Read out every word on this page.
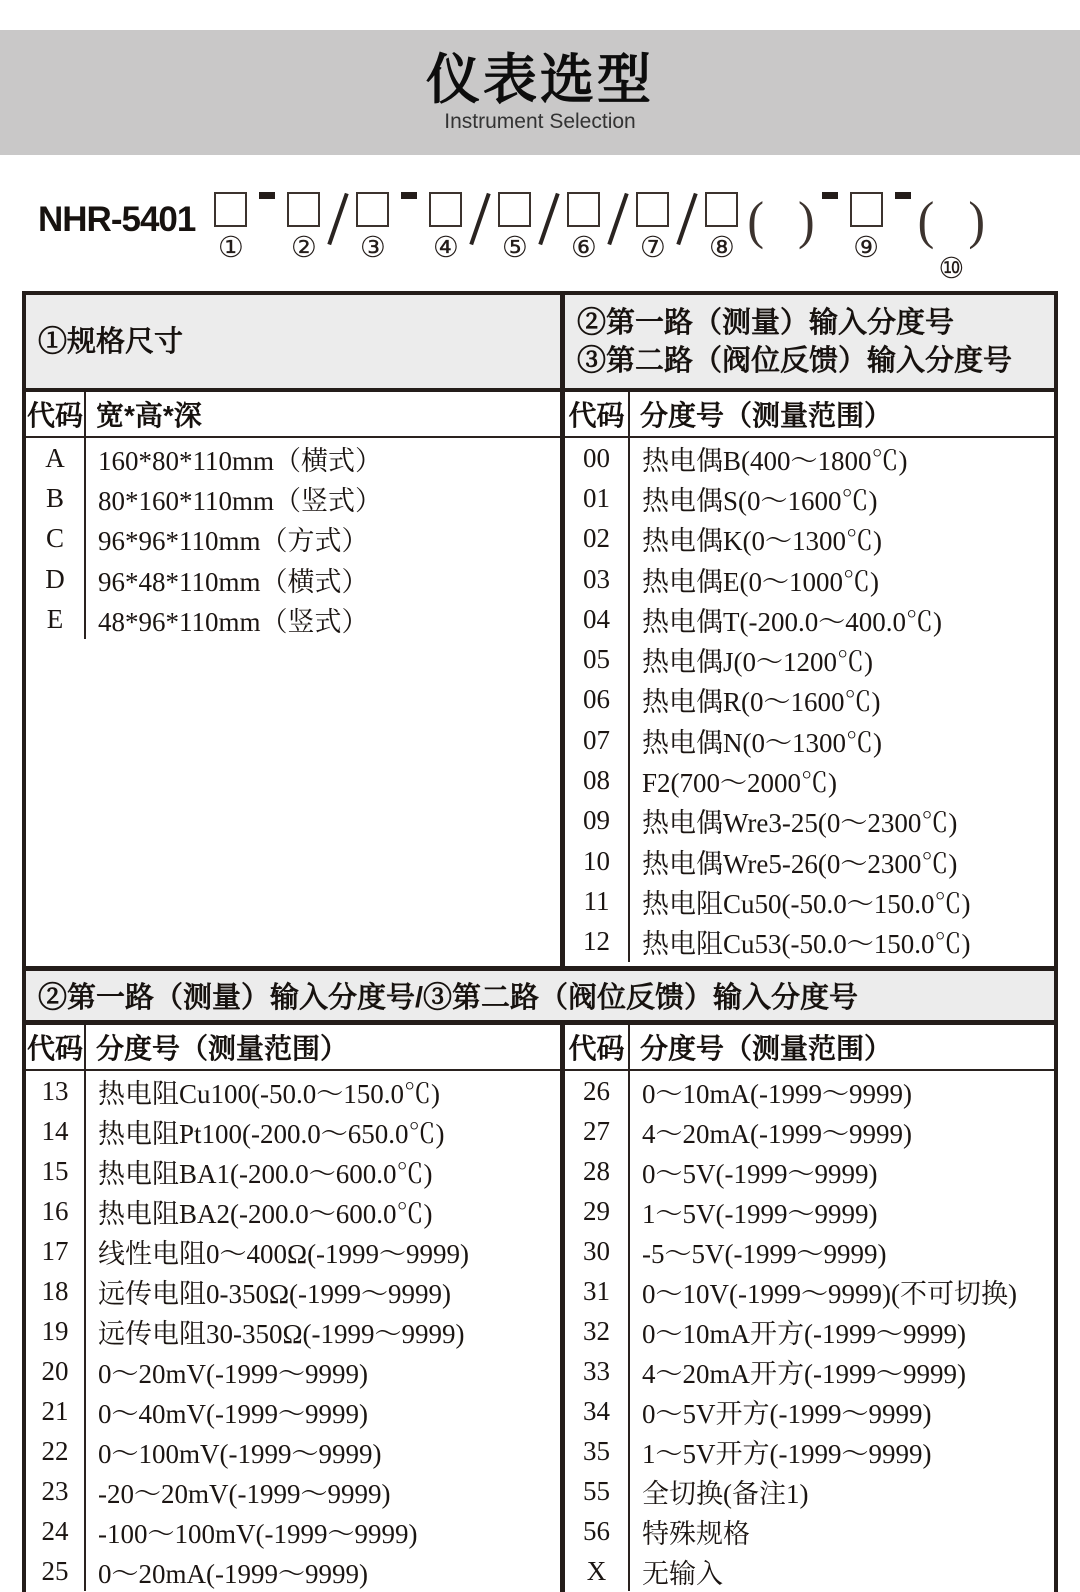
仪表选型
Instrument Selection
NHR-5401
① ② ③ ④ ⑤ ⑥ ⑦ ⑧ ( ) ⑨ ( )
⑩
①规格尺寸
代码 宽*高*深
A	160*80*110mm（横式）
B	80*160*110mm（竖式）
C	96*96*110mm（方式）
D	96*48*110mm（横式）
E	48*96*110mm（竖式）
②第一路（测量）输入分度号
③第二路（阀位反馈）输入分度号
代码 分度号（测量范围）
00	热电偶B(400～1800℃)
01	热电偶S(0～1600℃)
02	热电偶K(0～1300℃)
03	热电偶E(0～1000℃)
04	热电偶T(-200.0～400.0℃)
05	热电偶J(0～1200℃)
06	热电偶R(0～1600℃)
07	热电偶N(0～1300℃)
08	F2(700～2000℃)
09	热电偶Wre3-25(0～2300℃)
10	热电偶Wre5-26(0～2300℃)
11	热电阻Cu50(-50.0～150.0℃)
12	热电阻Cu53(-50.0～150.0℃)
②第一路（测量）输入分度号/③第二路（阀位反馈）输入分度号
代码 分度号（测量范围）
13	热电阻Cu100(-50.0～150.0℃)
14	热电阻Pt100(-200.0～650.0℃)
15	热电阻BA1(-200.0～600.0℃)
16	热电阻BA2(-200.0～600.0℃)
17	线性电阻0～400Ω(-1999～9999)
18	远传电阻0-350Ω(-1999～9999)
19	远传电阻30-350Ω(-1999～9999)
20	0～20mV(-1999～9999)
21	0～40mV(-1999～9999)
22	0～100mV(-1999～9999)
23	-20～20mV(-1999～9999)
24	-100～100mV(-1999～9999)
25	0～20mA(-1999～9999)
代码 分度号（测量范围）
26	0～10mA(-1999～9999)
27	4～20mA(-1999～9999)
28	0～5V(-1999～9999)
29	1～5V(-1999～9999)
30	-5～5V(-1999～9999)
31	0～10V(-1999～9999)(不可切换)
32	0～10mA开方(-1999～9999)
33	4～20mA开方(-1999～9999)
34	0～5V开方(-1999～9999)
35	1～5V开方(-1999～9999)
55	全切换(备注1)
56	特殊规格
X	无输入
